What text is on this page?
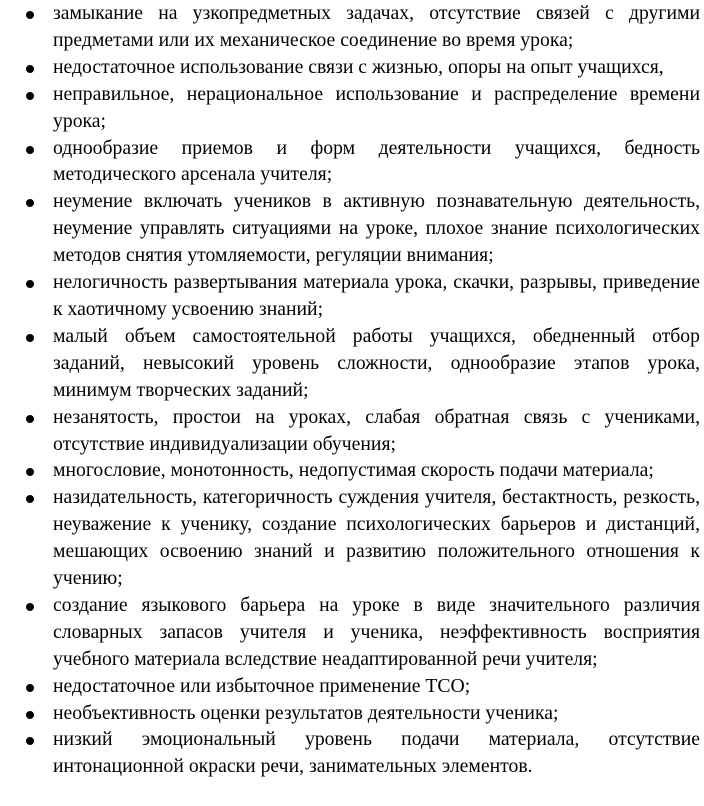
замыкание на узкопредметных задачах, отсутствие связей с другими предметами или их механическое соединение во время урока;
недостаточное использование связи с жизнью, опоры на опыт учащихся,
неправильное, нерациональное использование и распределение времени урока;
однообразие приемов и форм деятельности учащихся, бедность методического арсенала учителя;
неумение включать учеников в активную познавательную деятельность, неумение управлять ситуациями на уроке, плохое знание психологических методов снятия утомляемости, регуляции внимания;
нелогичность развертывания материала урока, скачки, разрывы, приведение к хаотичному усвоению знаний;
малый объем самостоятельной работы учащихся, обедненный отбор заданий, невысокий уровень сложности, однообразие этапов урока, минимум творческих заданий;
незанятость, простои на уроках, слабая обратная связь с учениками, отсутствие индивидуализации обучения;
многословие, монотонность, недопустимая скорость подачи материала;
назидательность, категоричность суждения учителя, бестактность, резкость, неуважение к ученику, создание психологических барьеров и дистанций, мешающих освоению знаний и развитию положительного отношения к учению;
создание языкового барьера на уроке в виде значительного различия словарных запасов учителя и ученика, неэффективность восприятия учебного материала вследствие неадаптированной речи учителя;
недостаточное или избыточное применение ТСО;
необъективность оценки результатов деятельности ученика;
низкий эмоциональный уровень подачи материала, отсутствие интонационной окраски речи, занимательных элементов.
